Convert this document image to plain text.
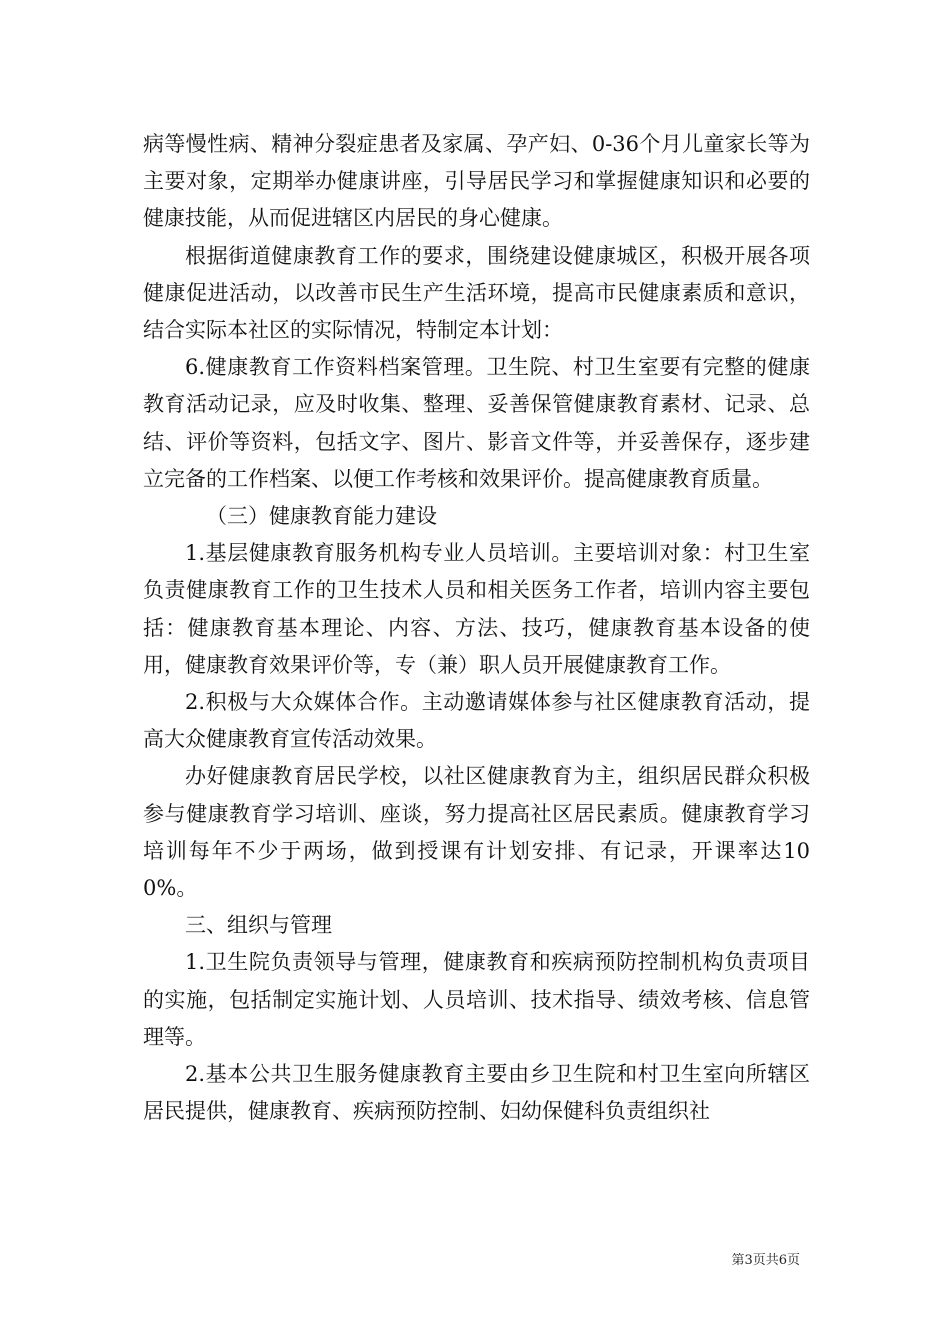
病等慢性病、精神分裂症患者及家属、孕产妇、0-36个月儿童家长等为主要对象，定期举办健康讲座，引导居民学习和掌握健康知识和必要的健康技能，从而促进辖区内居民的身心健康。

根据街道健康教育工作的要求，围绕建设健康城区，积极开展各项健康促进活动，以改善市民生产生活环境，提高市民健康素质和意识，结合实际本社区的实际情况，特制定本计划：

6.健康教育工作资料档案管理。卫生院、村卫生室要有完整的健康教育活动记录，应及时收集、整理、妥善保管健康教育素材、记录、总结、评价等资料，包括文字、图片、影音文件等，并妥善保存，逐步建立完备的工作档案、以便工作考核和效果评价。提高健康教育质量。

（三）健康教育能力建设

1.基层健康教育服务机构专业人员培训。主要培训对象：村卫生室负责健康教育工作的卫生技术人员和相关医务工作者，培训内容主要包括：健康教育基本理论、内容、方法、技巧，健康教育基本设备的使用，健康教育效果评价等，专（兼）职人员开展健康教育工作。

2.积极与大众媒体合作。主动邀请媒体参与社区健康教育活动，提高大众健康教育宣传活动效果。

办好健康教育居民学校，以社区健康教育为主，组织居民群众积极参与健康教育学习培训、座谈，努力提高社区居民素质。健康教育学习培训每年不少于两场，做到授课有计划安排、有记录，开课率达100%。

三、组织与管理

1.卫生院负责领导与管理，健康教育和疾病预防控制机构负责项目的实施，包括制定实施计划、人员培训、技术指导、绩效考核、信息管理等。

2.基本公共卫生服务健康教育主要由乡卫生院和村卫生室向所辖区居民提供，健康教育、疾病预防控制、妇幼保健科负责组织社

第3页共6页
